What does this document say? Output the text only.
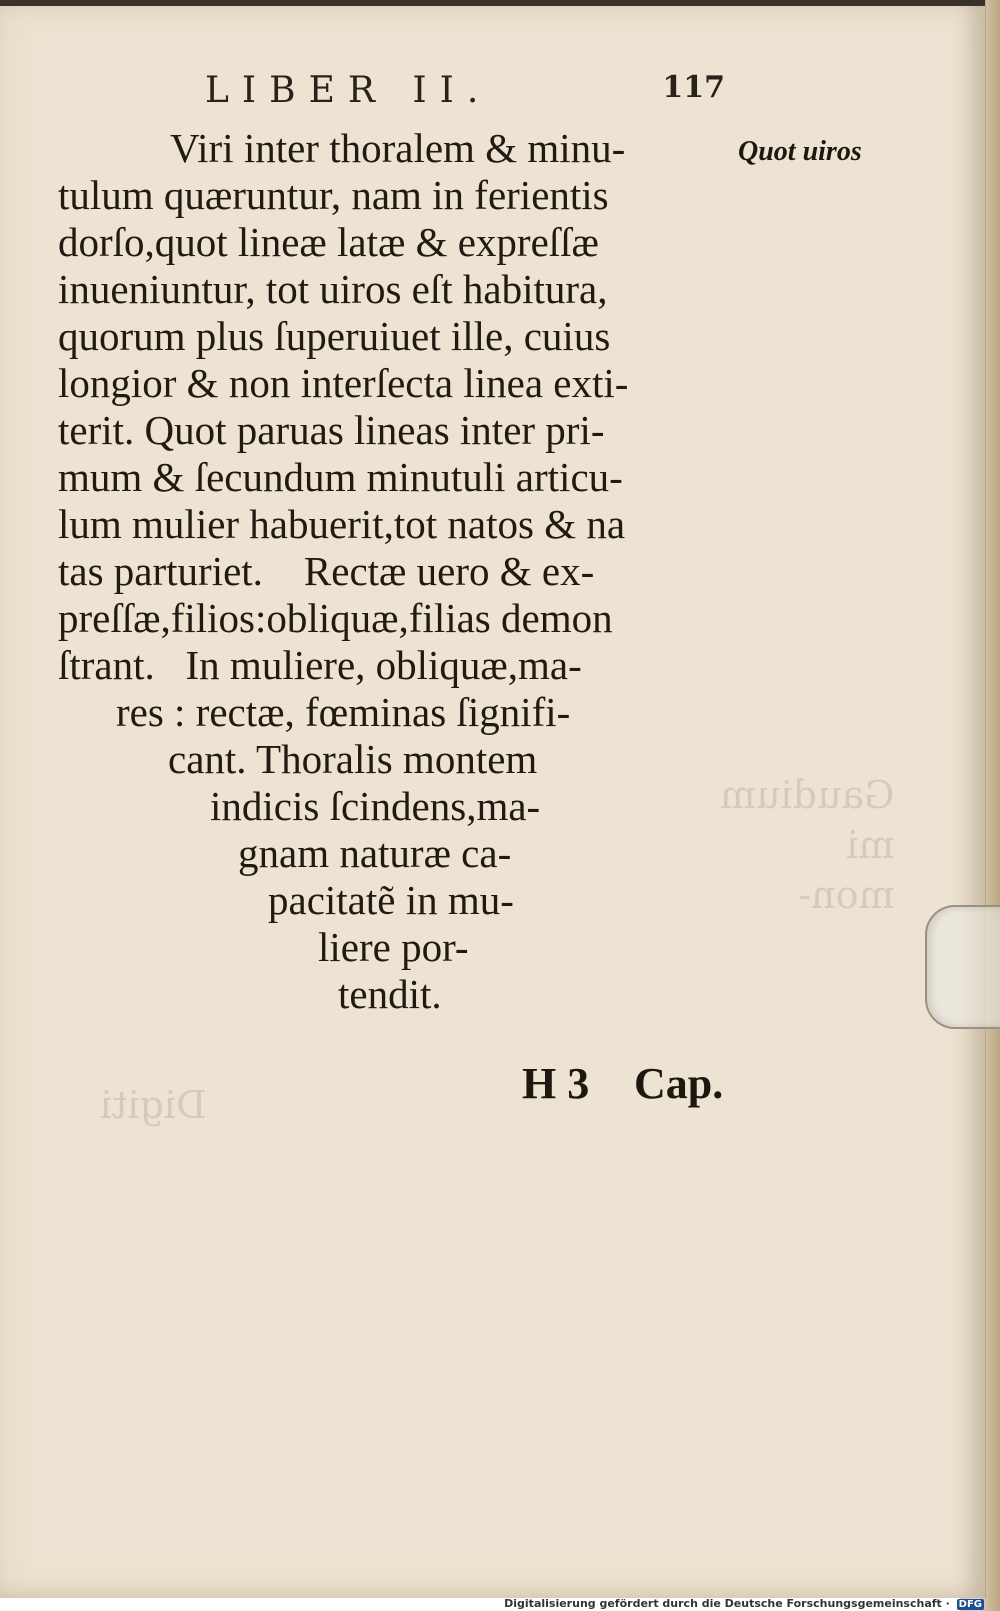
Gaudium
mi
mon-
Digiti
LIBER II.	117
Quot uiros
Viri inter thoralem & minu-
tulum quæruntur, nam in ferientis
dorſo,quot lineæ latæ & expreſſæ
inueniuntur, tot uiros eſt habitura,
quorum plus ſuperuiuet ille, cuius
longior & non interſecta linea exti-
terit. Quot paruas lineas inter pri-
mum & ſecundum minutuli articu-
lum mulier habuerit,tot natos & na
tas parturiet.    Rectæ uero & ex-
preſſæ,filios:obliquæ,filias demon
ſtrant.   In muliere, obliquæ,ma-
res : rectæ, fœminas ſignifi-
cant. Thoralis montem
indicis ſcindens,ma-
gnam naturæ ca-
pacitatẽ in mu-
liere por-
tendit.
H 3 Cap.
Digitalisierung gefördert durch die Deutsche Forschungsgemeinschaft · DFG
